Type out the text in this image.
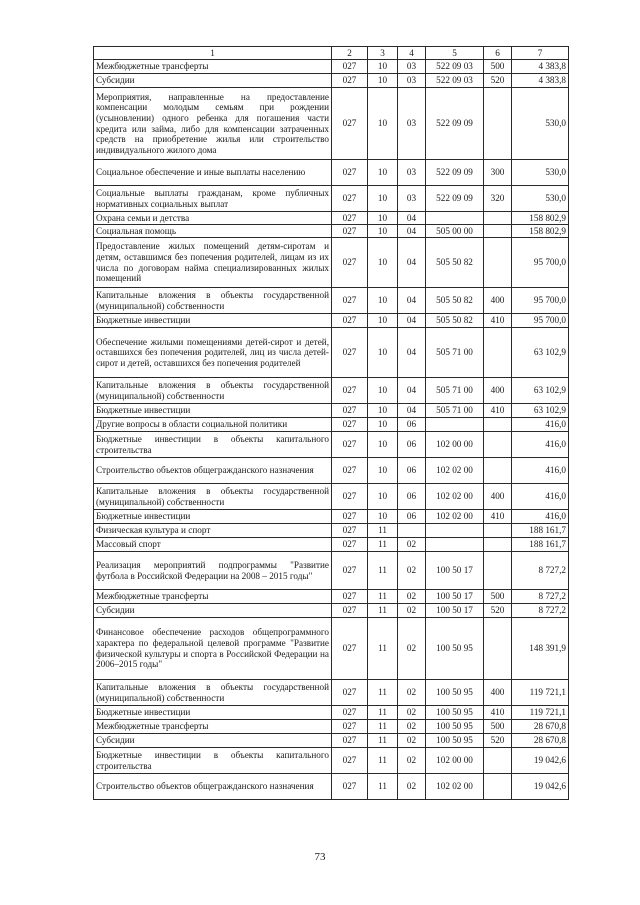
1	2	3	4	5	6	7
Межбюджетные трансферты	027	10	03	522 09 03	500	4 383,8
Субсидии	027	10	03	522 09 03	520	4 383,8
Мероприятия, направленные на предоставление компенсации молодым семьям при рождении (усыновлении) одного ребенка для погашения части кредита или займа, либо для компенсации затраченных средств на приобретение жилья или строительство индивидуального жилого дома	027	10	03	522 09 09		530,0
Социальное обеспечение и иные выплаты населению	027	10	03	522 09 09	300	530,0
Социальные выплаты гражданам, кроме публичных нормативных социальных выплат	027	10	03	522 09 09	320	530,0
Охрана семьи и детства	027	10	04			158 802,9
Социальная помощь	027	10	04	505 00 00		158 802,9
Предоставление жилых помещений детям-сиротам и детям, оставшимся без попечения родителей, лицам из их числа по договорам найма специализированных жилых помещений	027	10	04	505 50 82		95 700,0
Капитальные вложения в объекты государственной (муниципальной) собственности	027	10	04	505 50 82	400	95 700,0
Бюджетные инвестиции	027	10	04	505 50 82	410	95 700,0
Обеспечение жилыми помещениями детей-сирот и детей, оставшихся без попечения родителей, лиц из числа детей-сирот и детей, оставшихся без попечения родителей	027	10	04	505 71 00		63 102,9
Капитальные вложения в объекты государственной (муниципальной) собственности	027	10	04	505 71 00	400	63 102,9
Бюджетные инвестиции	027	10	04	505 71 00	410	63 102,9
Другие вопросы в области социальной политики	027	10	06			416,0
Бюджетные инвестиции в объекты капитального строительства	027	10	06	102 00 00		416,0
Строительство объектов общегражданского назначения	027	10	06	102 02 00		416,0
Капитальные вложения в объекты государственной (муниципальной) собственности	027	10	06	102 02 00	400	416,0
Бюджетные инвестиции	027	10	06	102 02 00	410	416,0
Физическая культура и спорт	027	11				188 161,7
Массовый спорт	027	11	02			188 161,7
Реализация мероприятий подпрограммы "Развитие футбола в Российской Федерации на 2008 – 2015 годы"	027	11	02	100 50 17		8 727,2
Межбюджетные трансферты	027	11	02	100 50 17	500	8 727,2
Субсидии	027	11	02	100 50 17	520	8 727,2
Финансовое обеспечение расходов общепрограммного характера по федеральной целевой программе "Развитие физической культуры и спорта в Российской Федерации на 2006–2015 годы"	027	11	02	100 50 95		148 391,9
Капитальные вложения в объекты государственной (муниципальной) собственности	027	11	02	100 50 95	400	119 721,1
Бюджетные инвестиции	027	11	02	100 50 95	410	119 721,1
Межбюджетные трансферты	027	11	02	100 50 95	500	28 670,8
Субсидии	027	11	02	100 50 95	520	28 670,8
Бюджетные инвестиции в объекты капитального строительства	027	11	02	102 00 00		19 042,6
Строительство объектов общегражданского назначения	027	11	02	102 02 00		19 042,6
73
